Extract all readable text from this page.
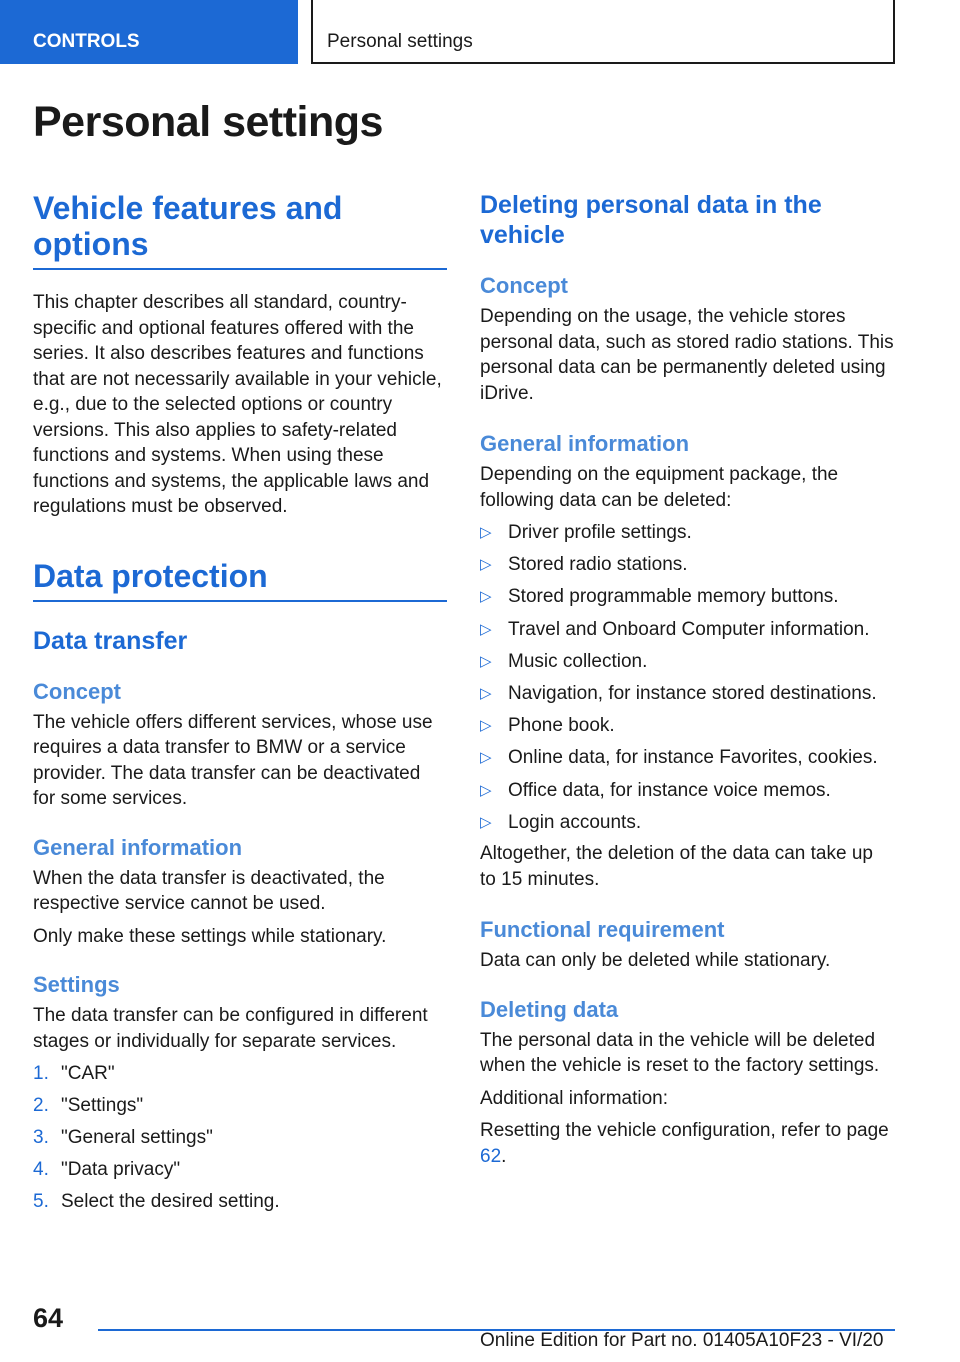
CONTROLS	Personal settings
Personal settings
Vehicle features and options

This chapter describes all standard, country-specific and optional features offered with the series. It also describes features and functions that are not necessarily available in your vehicle, e.g., due to the selected options or country versions. This also applies to safety-related functions and systems. When using these functions and systems, the applicable laws and regulations must be observed.

Data protection
Data transfer
Concept

The vehicle offers different services, whose use requires a data transfer to BMW or a service provider. The data transfer can be deactivated for some services.

General information

When the data transfer is deactivated, the respective service cannot be used.

Only make these settings while stationary.

Settings

The data transfer can be configured in different stages or individually for separate services.

1. "CAR"
2. "Settings"
3. "General settings"
4. "Data privacy"
5. Select the desired setting.
Deleting personal data in the vehicle
Concept

Depending on the usage, the vehicle stores personal data, such as stored radio stations. This personal data can be permanently deleted using iDrive.

General information

Depending on the equipment package, the following data can be deleted:

▷ Driver profile settings.
▷ Stored radio stations.
▷ Stored programmable memory buttons.
▷ Travel and Onboard Computer information.
▷ Music collection.
▷ Navigation, for instance stored destinations.
▷ Phone book.
▷ Online data, for instance Favorites, cookies.
▷ Office data, for instance voice memos.
▷ Login accounts.

Altogether, the deletion of the data can take up to 15 minutes.

Functional requirement

Data can only be deleted while stationary.

Deleting data

The personal data in the vehicle will be deleted when the vehicle is reset to the factory settings.

Additional information:

Resetting the vehicle configuration, refer to page 62.

64
Online Edition for Part no. 01405A10F23 - VI/20
